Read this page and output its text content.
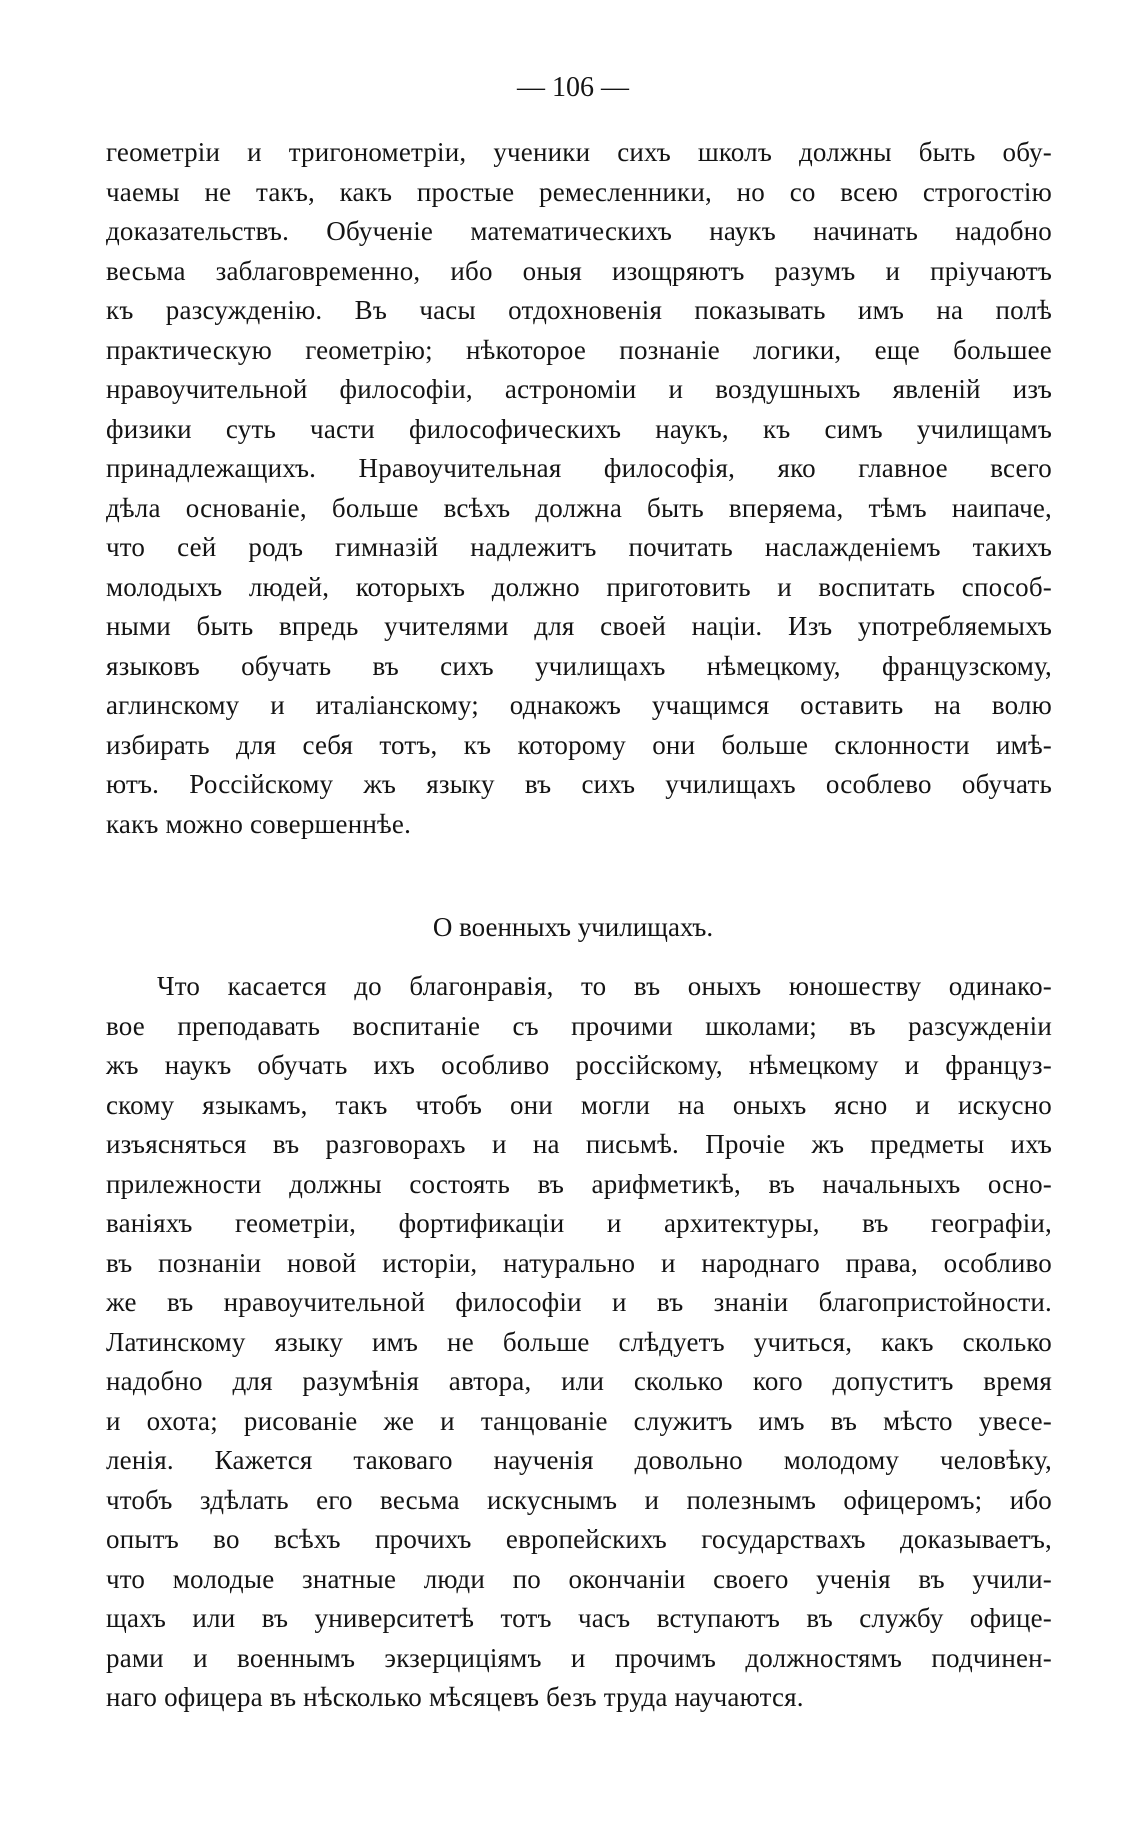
— 106 —
геометріи и тригонометріи, ученики сихъ школъ должны быть обу-
чаемы не такъ, какъ простые ремесленники, но со всею строгостію
доказательствъ. Обученіе математическихъ наукъ начинать надобно
весьма заблаговременно, ибо оныя изощряютъ разумъ и пріучаютъ
къ разсужденію. Въ часы отдохновенія показывать имъ на полѣ
практическую геометрію; нѣкоторое познаніе логики, еще большее
нравоучительной философіи, астрономіи и воздушныхъ явленій изъ
физики суть части философическихъ наукъ, къ симъ училищамъ
принадлежащихъ. Нравоучительная философія, яко главное всего
дѣла основаніе, больше всѣхъ должна быть вперяема, тѣмъ наипаче,
что сей родъ гимназій надлежитъ почитать наслажденіемъ такихъ
молодыхъ людей, которыхъ должно приготовить и воспитать способ-
ными быть впредь учителями для своей націи. Изъ употребляемыхъ
языковъ обучать въ сихъ училищахъ нѣмецкому, французскому,
аглинскому и италіанскому; однакожъ учащимся оставить на волю
избирать для себя тотъ, къ которому они больше склонности имѣ-
ютъ. Россійскому жъ языку въ сихъ училищахъ особлево обучать
какъ можно совершеннѣе.
О военныхъ училищахъ.
Что касается до благонравія, то въ оныхъ юношеству одинако-
вое преподавать воспитаніе съ прочими школами; въ разсужденіи
жъ наукъ обучать ихъ особливо россійскому, нѣмецкому и француз-
скому языкамъ, такъ чтобъ они могли на оныхъ ясно и искусно
изъясняться въ разговорахъ и на письмѣ. Прочіе жъ предметы ихъ
прилежности должны состоять въ арифметикѣ, въ начальныхъ осно-
ваніяхъ геометріи, фортификаціи и архитектуры, въ географіи,
въ познаніи новой исторіи, натурально и народнаго права, особливо
же въ нравоучительной философіи и въ знаніи благопристойности.
Латинскому языку имъ не больше слѣдуетъ учиться, какъ сколько
надобно для разумѣнія автора, или сколько кого допуститъ время
и охота; рисованіе же и танцованіе служитъ имъ въ мѣсто увесе-
ленія. Кажется таковаго наученія довольно молодому человѣку,
чтобъ здѣлать его весьма искуснымъ и полезнымъ офицеромъ; ибо
опытъ во всѣхъ прочихъ европейскихъ государствахъ доказываетъ,
что молодые знатные люди по окончаніи своего ученія въ учили-
щахъ или въ университетѣ тотъ часъ вступаютъ въ службу офице-
рами и военнымъ экзерциціямъ и прочимъ должностямъ подчинен-
наго офицера въ нѣсколько мѣсяцевъ безъ труда научаются.
